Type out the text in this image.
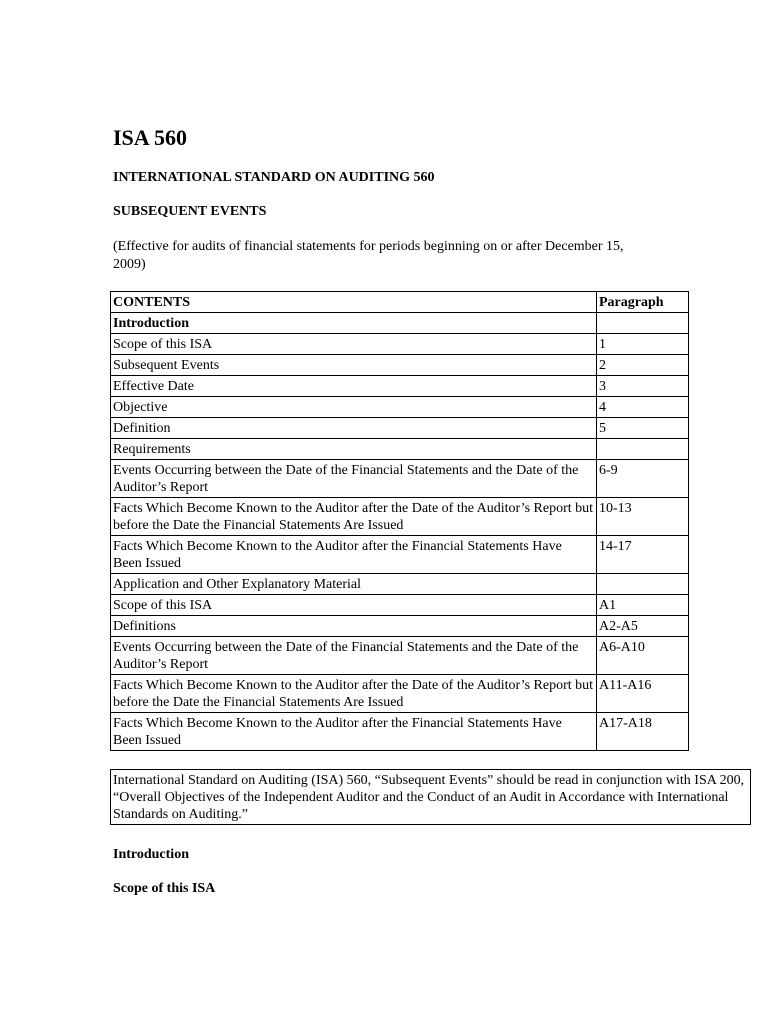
ISA 560

INTERNATIONAL STANDARD ON AUDITING 560

SUBSEQUENT EVENTS

(Effective for audits of financial statements for periods beginning on or after December 15, 2009)

CONTENTS	Paragraph
Introduction	
Scope of this ISA	1
Subsequent Events	2
Effective Date	3
Objective	4
Definition	5
Requirements	
Events Occurring between the Date of the Financial Statements and the Date of the Auditor’s Report	6-9
Facts Which Become Known to the Auditor after the Date of the Auditor’s Report but before the Date the Financial Statements Are Issued	10-13
Facts Which Become Known to the Auditor after the Financial Statements Have Been Issued	14-17
Application and Other Explanatory Material	
Scope of this ISA	A1
Definitions	A2-A5
Events Occurring between the Date of the Financial Statements and the Date of the Auditor’s Report	A6-A10
Facts Which Become Known to the Auditor after the Date of the Auditor’s Report but before the Date the Financial Statements Are Issued	A11-A16
Facts Which Become Known to the Auditor after the Financial Statements Have Been Issued	A17-A18
International Standard on Auditing (ISA) 560, “Subsequent Events” should be read in conjunction with ISA 200, “Overall Objectives of the Independent Auditor and the Conduct of an Audit in Accordance with International Standards on Auditing.”

Introduction

Scope of this ISA
